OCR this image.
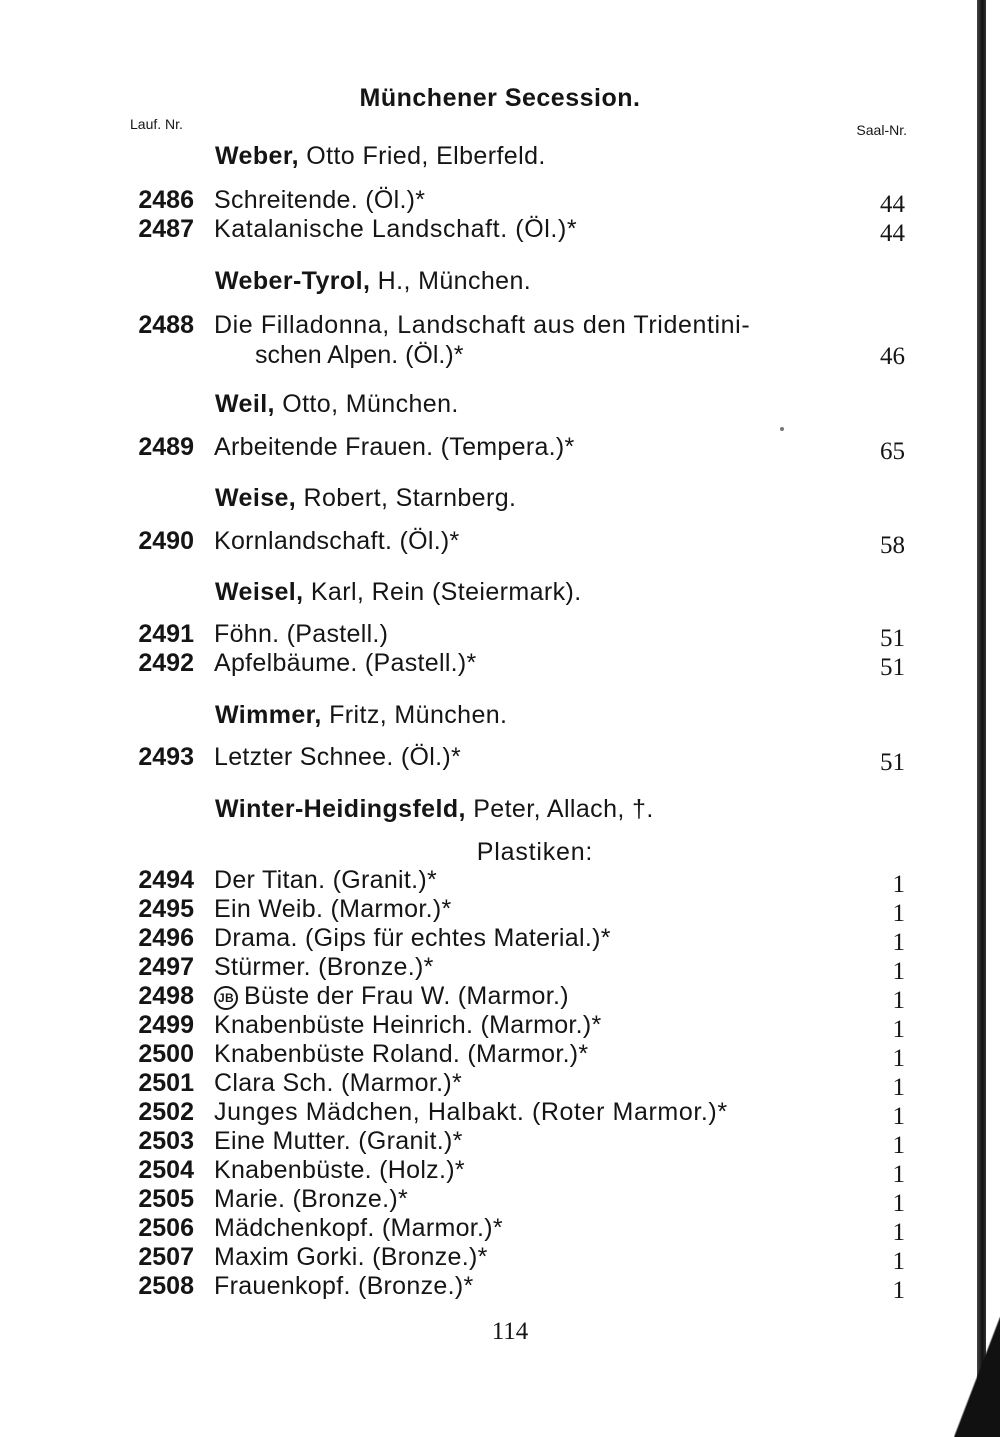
Münchener Secession.
Lauf. Nr.	Saal-Nr.
Weber, Otto Fried, Elberfeld.
2486 Schreitende. (Öl.)*	44
2487 Katalanische Landschaft. (Öl.)*	44
Weber-Tyrol, H., München.
2488 Die Filladonna, Landschaft aus den Tridentini-
schen Alpen. (Öl.)*	46
Weil, Otto, München.
2489 Arbeitende Frauen. (Tempera.)*	65
Weise, Robert, Starnberg.
2490 Kornlandschaft. (Öl.)*	58
Weisel, Karl, Rein (Steiermark).
2491 Föhn. (Pastell.)	51
2492 Apfelbäume. (Pastell.)*	51
Wimmer, Fritz, München.
2493 Letzter Schnee. (Öl.)*	51
Winter-Heidingsfeld, Peter, Allach, †.
Plastiken:
2494 Der Titan. (Granit.)*	1
2495 Ein Weib. (Marmor.)*	1
2496 Drama. (Gips für echtes Material.)*	1
2497 Stürmer. (Bronze.)*	1
2498	JB Büste der Frau W. (Marmor.)	1
2499 Knabenbüste Heinrich. (Marmor.)*	1
2500 Knabenbüste Roland. (Marmor.)*	1
2501 Clara Sch. (Marmor.)*	1
2502 Junges Mädchen, Halbakt. (Roter Marmor.)*	1
2503 Eine Mutter. (Granit.)*	1
2504 Knabenbüste. (Holz.)*	1
2505 Marie. (Bronze.)*	1
2506 Mädchenkopf. (Marmor.)*	1
2507 Maxim Gorki. (Bronze.)*	1
2508 Frauenkopf. (Bronze.)*	1
114
